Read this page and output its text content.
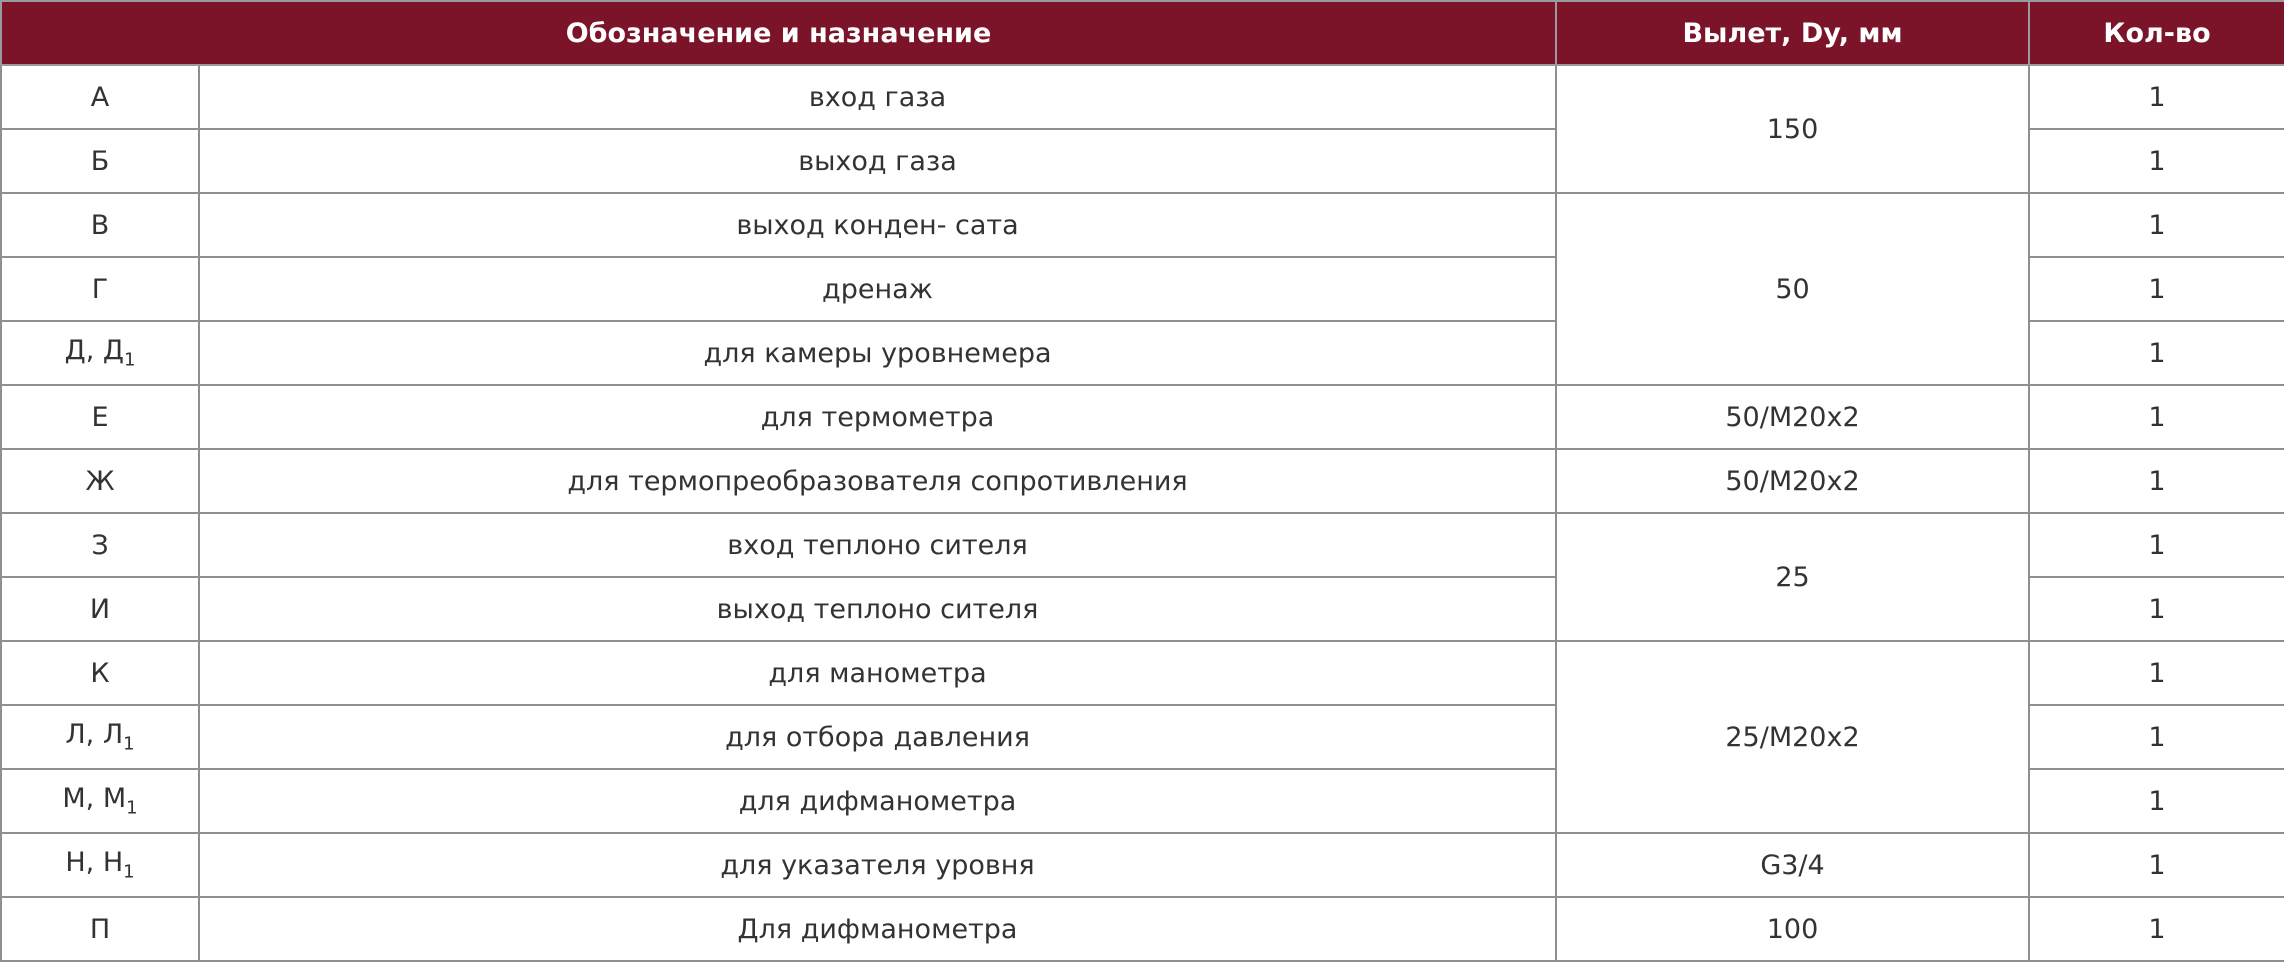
Обозначение и назначение		Вылет, Dy, мм	Кол-во
А	вход газа	150	1
Б	выход газа		1
В	выход конден- сата	50	1
Г	дренаж		1
Д, $Д_1$	для камеры уровнемера		1
Е	для термометра	50/М20х2	1
Ж	для термопреобразователя сопротивления	50/М20х2	1
З	вход теплоно сителя	25	1
И	выход теплоно сителя		1
К	для манометра	25/М20х2	1
Л, $Л_1$	для отбора давления		1
М, $М_1$	для дифманометра		1
Н, $Н_1$	для указателя уровня	G3/4	1
П	Для дифманометра	100	1
